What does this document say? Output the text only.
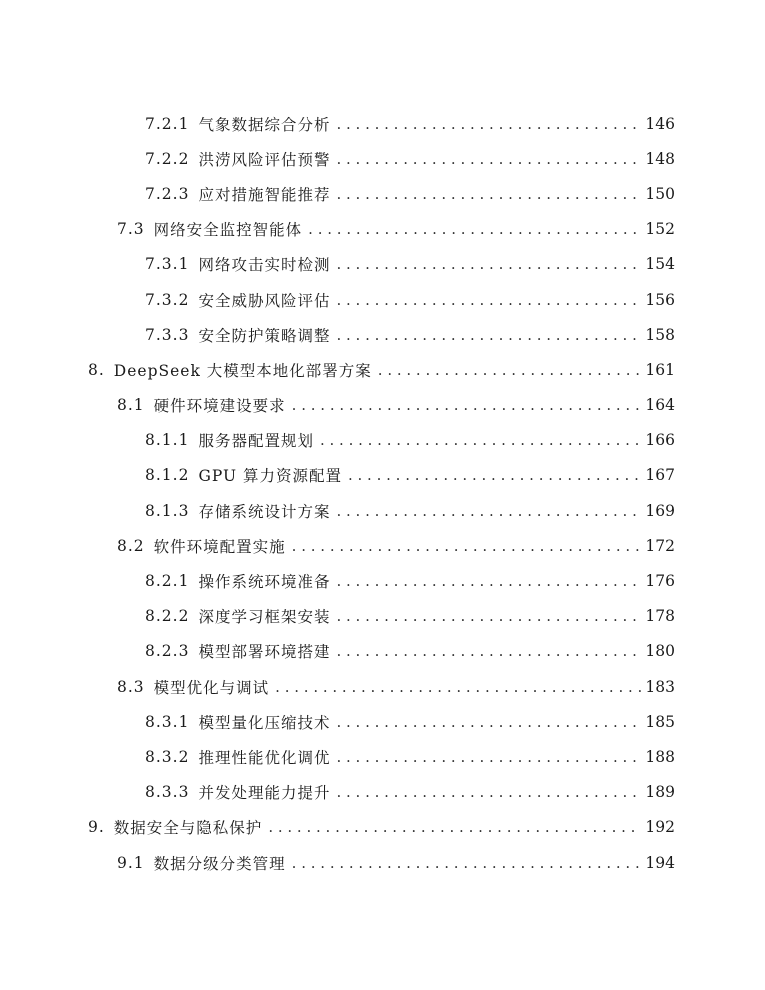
7.2.1 气象数据综合分析 . . .	146
7.2.2 洪涝风险评估预警 . . .	148
7.2.3 应对措施智能推荐 . . .	150
7.3 网络安全监控智能体 . . .	152
7.3.1 网络攻击实时检测 . . .	154
7.3.2 安全威胁风险评估 . . .	156
7.3.3 安全防护策略调整 . . .	158
8. DeepSeek 大模型本地化部署方案 . . .	161
8.1 硬件环境建设要求 . . .	164
8.1.1 服务器配置规划 . . .	166
8.1.2 GPU 算力资源配置 . . .	167
8.1.3 存储系统设计方案 . . .	169
8.2 软件环境配置实施 . . .	172
8.2.1 操作系统环境准备 . . .	176
8.2.2 深度学习框架安装 . . .	178
8.2.3 模型部署环境搭建 . . .	180
8.3 模型优化与调试 . . .	183
8.3.1 模型量化压缩技术 . . .	185
8.3.2 推理性能优化调优 . . .	188
8.3.3 并发处理能力提升 . . .	189
9. 数据安全与隐私保护 . . .	192
9.1 数据分级分类管理 . . .	194
